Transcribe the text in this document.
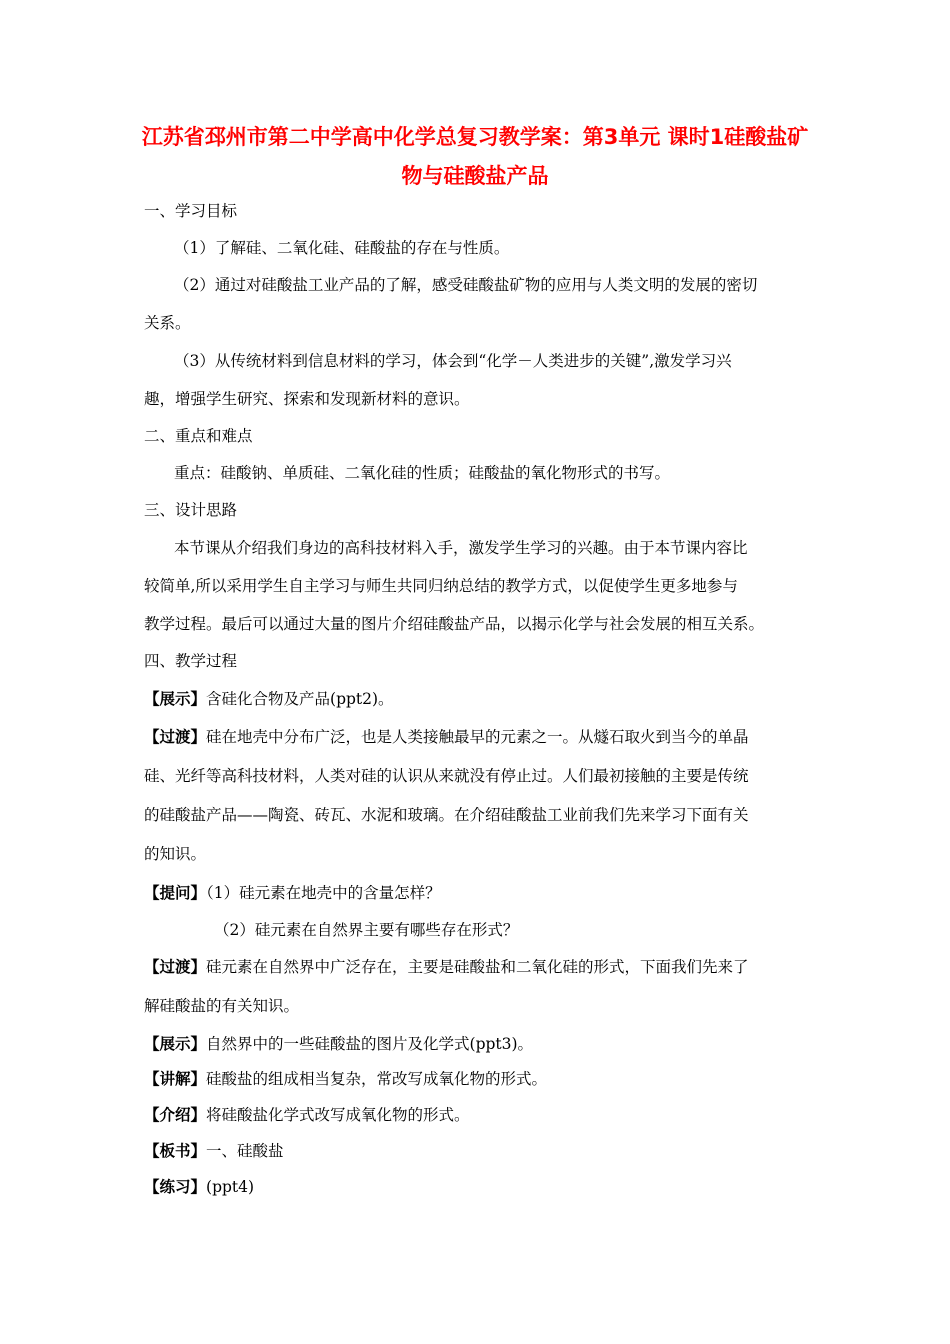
江苏省邳州市第二中学高中化学总复习教学案：第3单元 课时1硅酸盐矿物与硅酸盐产品

一、学习目标

（1）了解硅、二氧化硅、硅酸盐的存在与性质。

（2）通过对硅酸盐工业产品的了解，感受硅酸盐矿物的应用与人类文明的发展的密切

关系。

（3）从传统材料到信息材料的学习，体会到“化学－人类进步的关键”,激发学习兴

趣，增强学生研究、探索和发现新材料的意识。

二、重点和难点

重点：硅酸钠、单质硅、二氧化硅的性质；硅酸盐的氧化物形式的书写。

三、设计思路

本节课从介绍我们身边的高科技材料入手，激发学生学习的兴趣。由于本节课内容比

较简单,所以采用学生自主学习与师生共同归纳总结的教学方式，以促使学生更多地参与

教学过程。最后可以通过大量的图片介绍硅酸盐产品，以揭示化学与社会发展的相互关系。

四、教学过程

【展示】含硅化合物及产品(ppt2)。

【过渡】硅在地壳中分布广泛，也是人类接触最早的元素之一。从燧石取火到当今的单晶

硅、光纤等高科技材料，人类对硅的认识从来就没有停止过。人们最初接触的主要是传统

的硅酸盐产品——陶瓷、砖瓦、水泥和玻璃。在介绍硅酸盐工业前我们先来学习下面有关

的知识。

【提问】（1）硅元素在地壳中的含量怎样？

（2）硅元素在自然界主要有哪些存在形式？

【过渡】硅元素在自然界中广泛存在，主要是硅酸盐和二氧化硅的形式，下面我们先来了

解硅酸盐的有关知识。

【展示】自然界中的一些硅酸盐的图片及化学式(ppt3)。

【讲解】硅酸盐的组成相当复杂，常改写成氧化物的形式。

【介绍】将硅酸盐化学式改写成氧化物的形式。

【板书】一、硅酸盐

【练习】(ppt4)
